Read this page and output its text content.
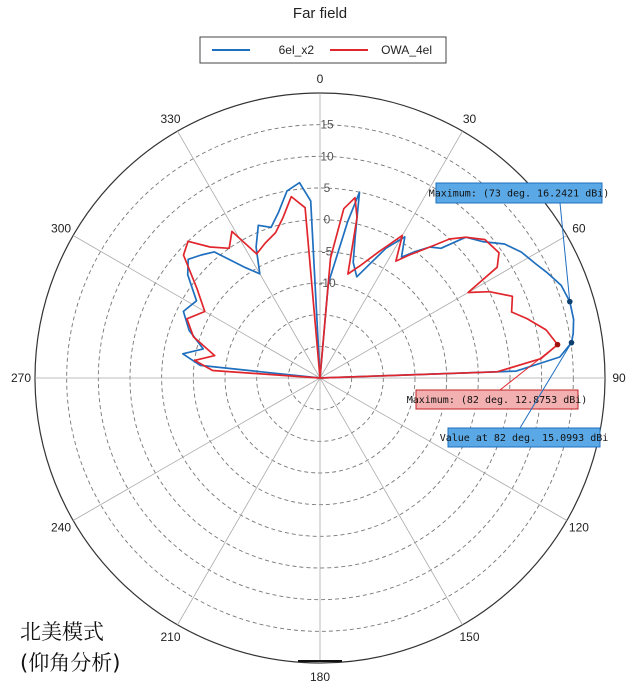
Far field
6el_x2	OWA_4el
0
30
60
90
120
150
180
210
240
270
300
330	15
10
5
0
-5
-10
Maximum: (73 deg. 16.2421 dBi)
Maximum: (82 deg. 12.8753 dBi)
Value at 82 deg. 15.0993 dBi
北美模式
(仰角分析)
